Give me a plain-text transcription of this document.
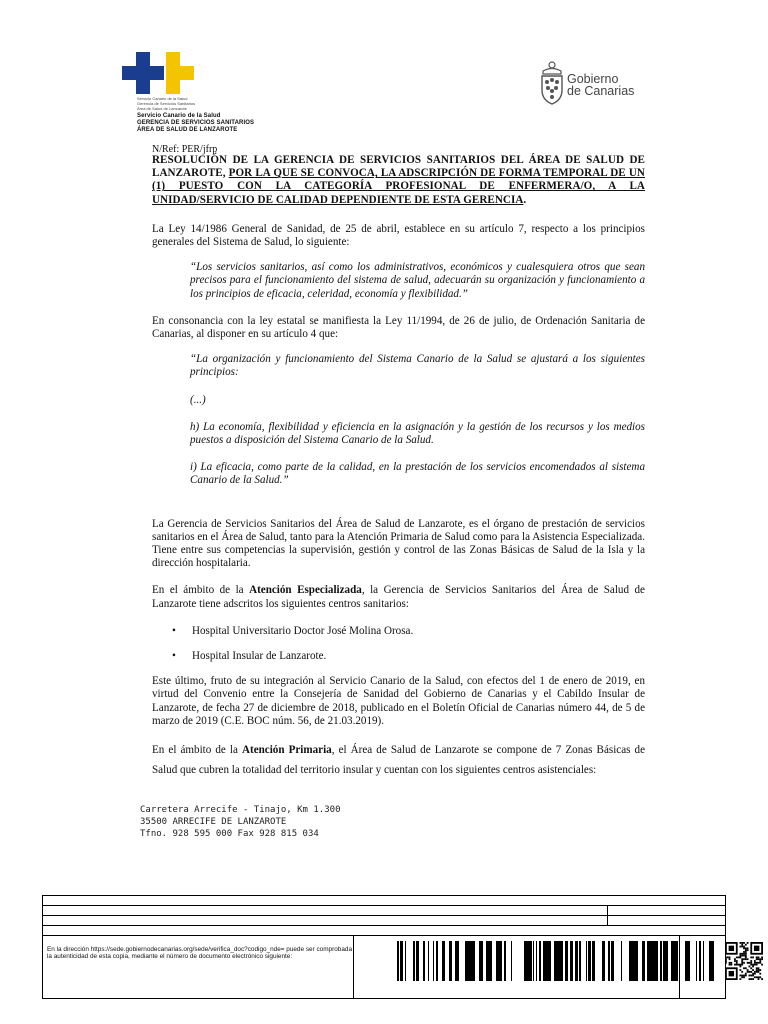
Servicio Canario de la Salud
Gerencia de Servicios Sanitarios
Área de Salud de Lanzarote
Servicio Canario de la Salud
GERENCIA DE SERVICIOS SANITARIOS
ÁREA DE SALUD DE LANZAROTE
Gobierno
de Canarias
N/Ref: PER/jfrp

RESOLUCIÓN DE LA GERENCIA DE SERVICIOS SANITARIOS DEL ÁREA DE SALUD DE LANZAROTE, POR LA QUE SE CONVOCA, LA ADSCRIPCIÓN DE FORMA TEMPORAL DE UN (1) PUESTO CON LA CATEGORÍA PROFESIONAL DE ENFERMERA/O, A LA UNIDAD/SERVICIO DE CALIDAD DEPENDIENTE DE ESTA GERENCIA.

La Ley 14/1986 General de Sanidad, de 25 de abril, establece en su artículo 7, respecto a los principios generales del Sistema de Salud, lo siguiente:

“Los servicios sanitarios, así como los administrativos, económicos y cualesquiera otros que sean precisos para el funcionamiento del sistema de salud, adecuarán su organización y funcionamiento a los principios de eficacia, celeridad, economía y flexibilidad.”

En consonancia con la ley estatal se manifiesta la Ley 11/1994, de 26 de julio, de Ordenación Sanitaria de Canarias, al disponer en su artículo 4 que:

“La organización y funcionamiento del Sistema Canario de la Salud se ajustará a los siguientes principios:

(...)

h) La economía, flexibilidad y eficiencia en la asignación y la gestión de los recursos y los medios puestos a disposición del Sistema Canario de la Salud.

i) La eficacia, como parte de la calidad, en la prestación de los servicios encomendados al sistema Canario de la Salud.”

La Gerencia de Servicios Sanitarios del Área de Salud de Lanzarote, es el órgano de prestación de servicios sanitarios en el Área de Salud, tanto para la Atención Primaria de Salud como para la Asistencia Especializada. Tiene entre sus competencias la supervisión, gestión y control de las Zonas Básicas de Salud de la Isla y la dirección hospitalaria.

En el ámbito de la Atención Especializada, la Gerencia de Servicios Sanitarios del Área de Salud de Lanzarote tiene adscritos los siguientes centros sanitarios:

•	Hospital Universitario Doctor José Molina Orosa.
•	Hospital Insular de Lanzarote.

Este último, fruto de su integración al Servicio Canario de la Salud, con efectos del 1 de enero de 2019, en virtud del Convenio entre la Consejería de Sanidad del Gobierno de Canarias y el Cabildo Insular de Lanzarote, de fecha 27 de diciembre de 2018, publicado en el Boletín Oficial de Canarias número 44, de 5 de marzo de 2019 (C.E. BOC núm. 56, de 21.03.2019).

En el ámbito de la Atención Primaria, el Área de Salud de Lanzarote se compone de 7 Zonas Básicas de Salud que cubren la totalidad del territorio insular y cuentan con los siguientes centros asistenciales:

Carretera Arrecife - Tinajo, Km 1.300
35500 ARRECIFE DE LANZAROTE
Tfno. 928 595 000 Fax 928 815 034
En la dirección https://sede.gobiernodecanarias.org/sede/verifica_doc?codigo_nde= puede ser comprobada la autenticidad de esta copia, mediante el número de documento electrónico siguiente:
